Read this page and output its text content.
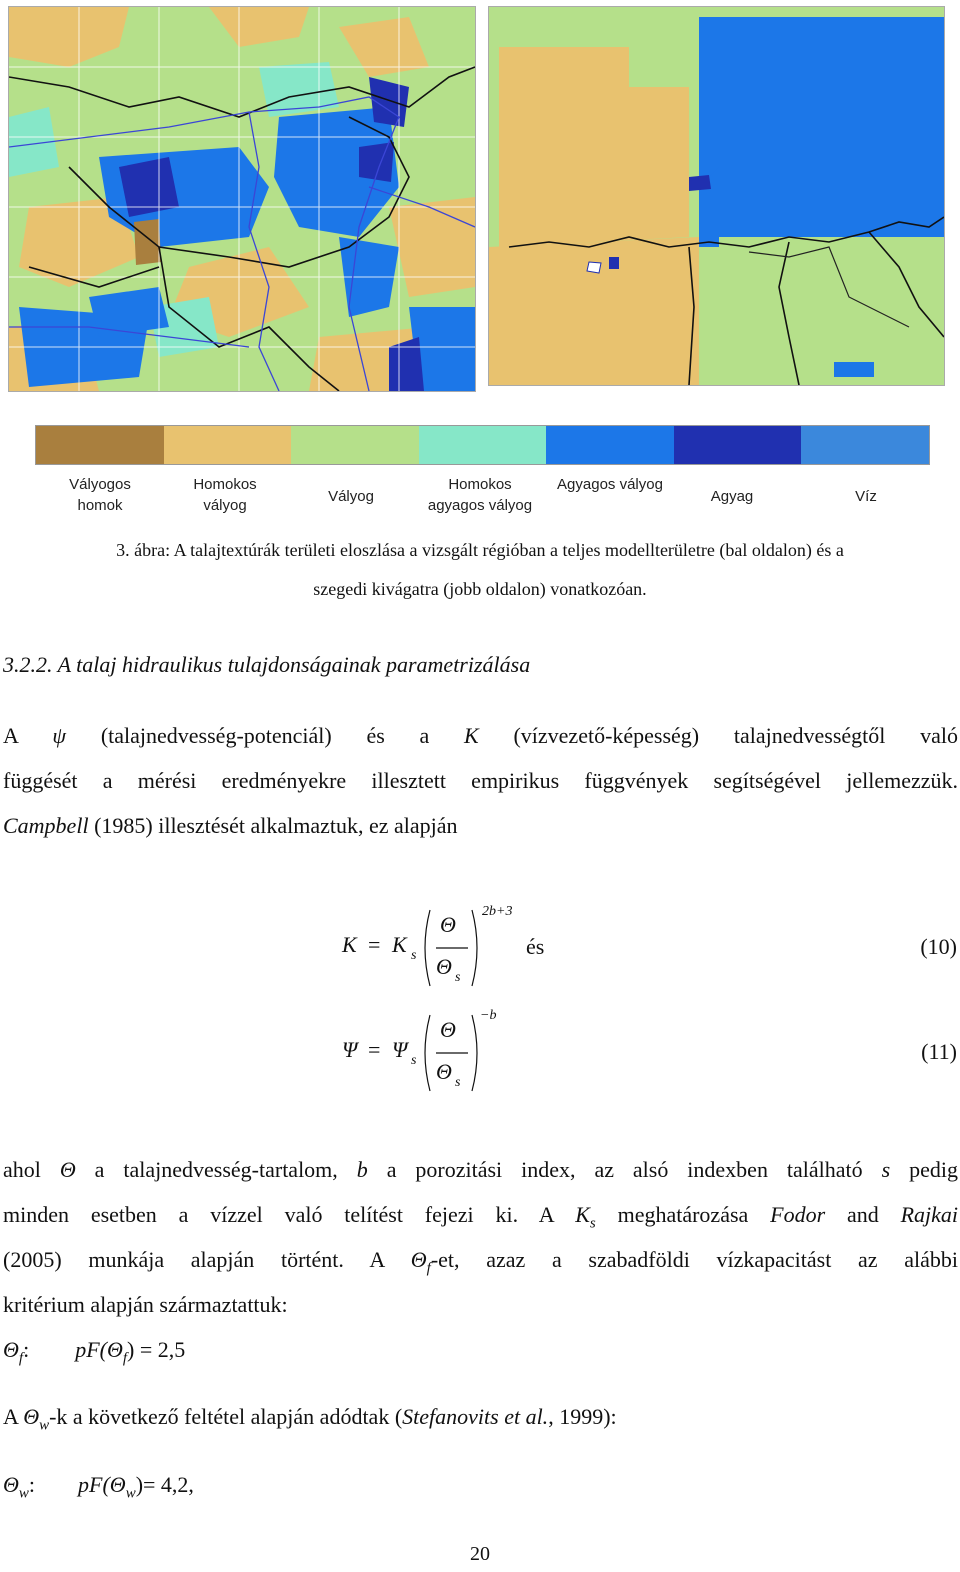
Vályogos homok
Homokos vályog
Vályog
Homokos agyagos vályog
Agyagos vályog
Agyag	Víz
3. ábra: A talajtextúrák területi eloszlása a vizsgált régióban a teljes modellterületre (bal oldalon) és a
szegedi kivágatra (jobb oldalon) vonatkozóan.
3.2.2. A talaj hidraulikus tulajdonságainak parametrizálása
A ψ (talajnedvesség-potenciál) és a K (vízvezető-képesség) talajnedvességtől való
függését a mérési eredményekre illesztett empirikus függvények segítségével jellemezzük.
Campbell (1985) illesztését alkalmaztuk, ez alapján
K = K s
Θ
Θ s
2b+3
és	(10)
Ψ = Ψ s
Θ
Θ s
−b
(11)
ahol Θ a talajnedvesség-tartalom, b a porozitási index, az alsó indexben található s pedig
minden esetben a vízzel való telítést fejezi ki. A $K_s$ meghatározása Fodor and Rajkai
(2005) munkája alapján történt. A $\Theta_f-et$, azaz a szabadföldi vízkapacitást az alábbi
kritérium alapján származtattuk:
$\Theta_f$: $pF(\Theta_f) = 2,5$
A $\Theta_w-k$ a következő feltétel alapján adódtak (Stefanovits et al., 1999):
$\Theta_w$: $pF(\Theta_w)= 4,2$,
20
